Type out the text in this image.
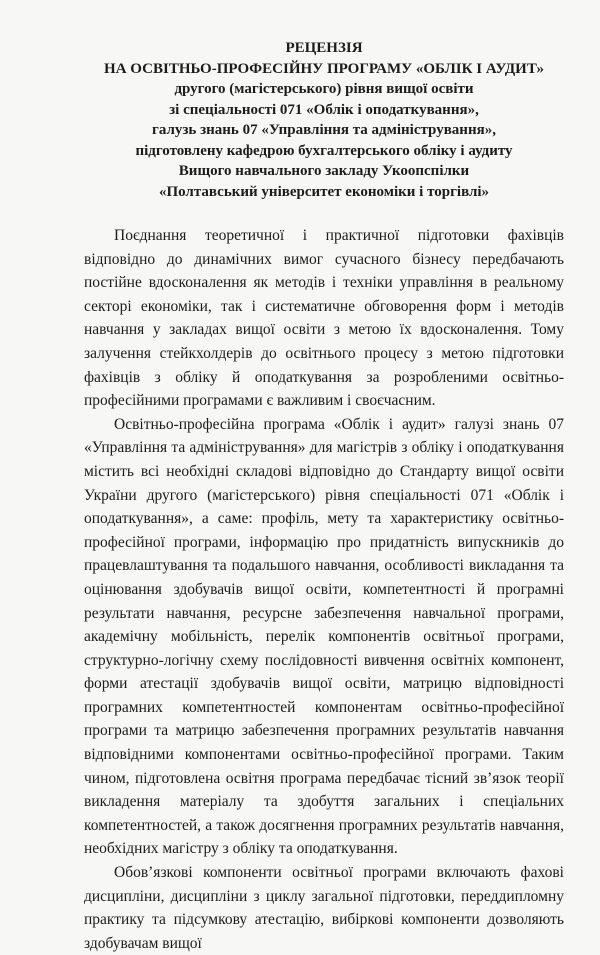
РЕЦЕНЗІЯ
НА ОСВІТНЬО-ПРОФЕСІЙНУ ПРОГРАМУ «ОБЛІК І АУДИТ»
другого (магістерського) рівня вищої освіти
зі спеціальності 071 «Облік і оподаткування»,
галузь знань 07 «Управління та адміністрування»,
підготовлену кафедрою бухгалтерського обліку і аудиту
Вищого навчального закладу Укоопспілки
«Полтавський університет економіки і торгівлі»

Поєднання теоретичної і практичної підготовки фахівців відповідно до динамічних вимог сучасного бізнесу передбачають постійне вдосконалення як методів і техніки управління в реальному секторі економіки, так і систематичне обговорення форм і методів навчання у закладах вищої освіти з метою їх вдосконалення. Тому залучення стейкхолдерів до освітнього процесу з метою підготовки фахівців з обліку й оподаткування за розробленими освітньо-професійними програмами є важливим і своєчасним.

Освітньо-професійна програма «Облік і аудит» галузі знань 07 «Управління та адміністрування» для магістрів з обліку і оподаткування містить всі необхідні складові відповідно до Стандарту вищої освіти України другого (магістерського) рівня спеціальності 071 «Облік і оподаткування», а саме: профіль, мету та характеристику освітньо-професійної програми, інформацію про придатність випускників до працевлаштування та подальшого навчання, особливості викладання та оцінювання здобувачів вищої освіти, компетентності й програмні результати навчання, ресурсне забезпечення навчальної програми, академічну мобільність, перелік компонентів освітньої програми, структурно-логічну схему послідовності вивчення освітніх компонент, форми атестації здобувачів вищої освіти, матрицю відповідності програмних компетентностей компонентам освітньо-професійної програми та матрицю забезпечення програмних результатів навчання відповідними компонентами освітньо-професійної програми. Таким чином, підготовлена освітня програма передбачає тісний зв’язок теорії викладення матеріалу та здобуття загальних і спеціальних компетентностей, а також досягнення програмних результатів навчання, необхідних магістру з обліку та оподаткування.

Обов’язкові компоненти освітньої програми включають фахові дисципліни, дисципліни з циклу загальної підготовки, переддипломну практику та підсумкову атестацію, вибіркові компоненти дозволяють здобувачам вищої
